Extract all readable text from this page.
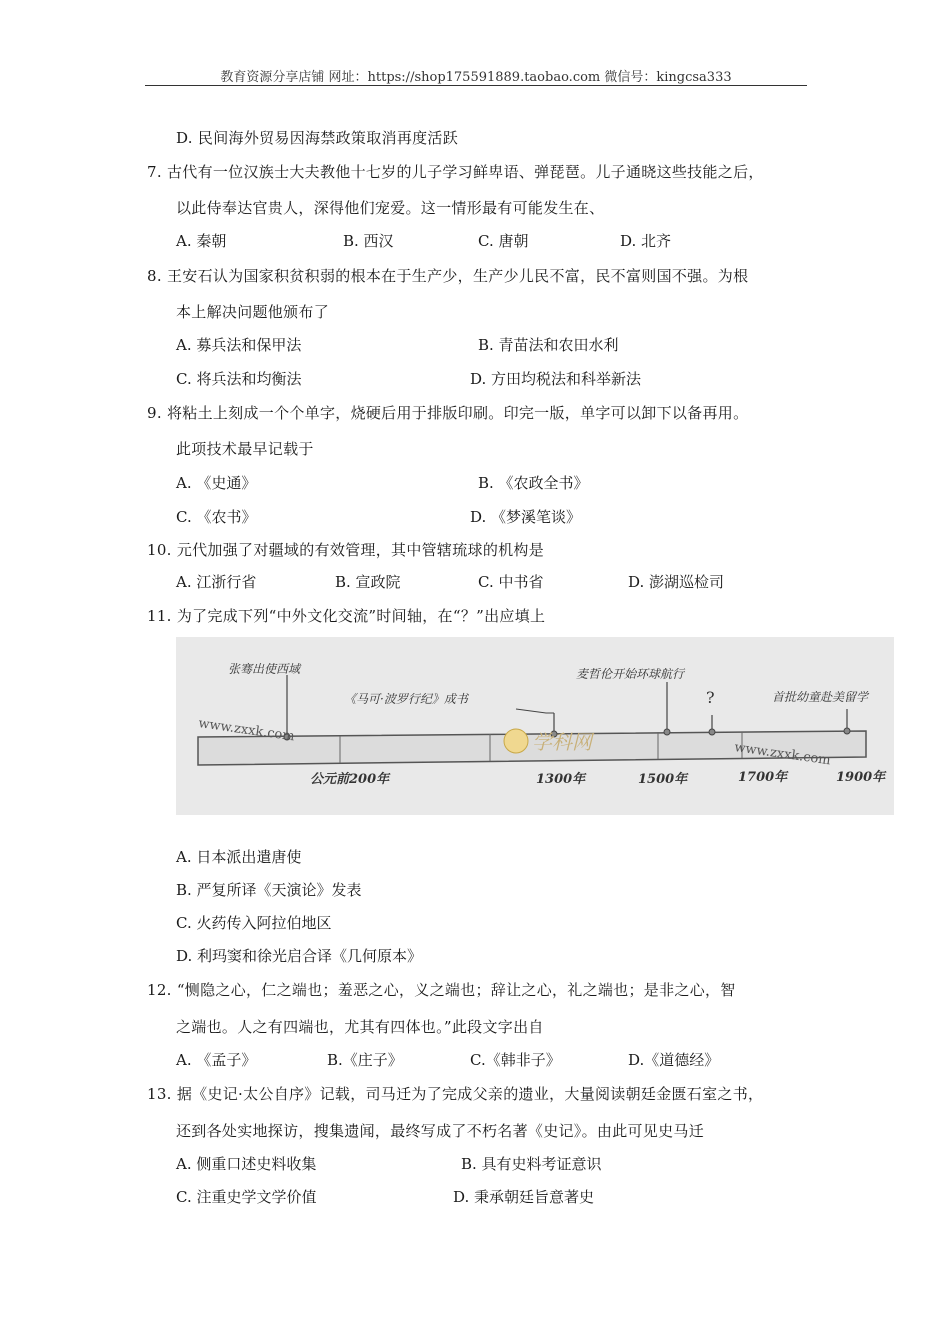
教育资源分享店铺 网址：https://shop175591889.taobao.com 微信号：kingcsa333
D. 民间海外贸易因海禁政策取消再度活跃
7. 古代有一位汉族士大夫教他十七岁的儿子学习鲜卑语、弹琵琶。儿子通晓这些技能之后，
以此侍奉达官贵人，深得他们宠爱。这一情形最有可能发生在、
A. 秦朝	B. 西汉	C. 唐朝	D. 北齐
8. 王安石认为国家积贫积弱的根本在于生产少，生产少儿民不富，民不富则国不强。为根
本上解决问题他颁布了
A. 募兵法和保甲法	B. 青苗法和农田水利
C. 将兵法和均衡法	D. 方田均税法和科举新法
9. 将粘土上刻成一个个单字，烧硬后用于排版印刷。印完一版，单字可以卸下以备再用。
此项技术最早记载于
A. 《史通》	B. 《农政全书》
C. 《农书》	D. 《梦溪笔谈》
10. 元代加强了对疆域的有效管理，其中管辖琉球的机构是
A. 江浙行省	B. 宣政院	C. 中书省	D. 澎湖巡检司
11. 为了完成下列“中外文化交流”时间轴，在“？”出应填上
张骞出使西域
《马可·波罗行纪》成书
麦哲伦开始环球航行
?	首批幼童赴美留学
公元前200年	1300年	1500年	1700年	1900年
www.zxxk.com	学科网	www.zxxk.com
A. 日本派出遣唐使
B. 严复所译《天演论》发表
C. 火药传入阿拉伯地区
D. 利玛窦和徐光启合译《几何原本》
12. “恻隐之心，仁之端也；羞恶之心，义之端也；辞让之心，礼之端也；是非之心，智
之端也。人之有四端也，尤其有四体也。”此段文字出自
A. 《孟子》	B.《庄子》	C.《韩非子》	D.《道德经》
13. 据《史记·太公自序》记载，司马迁为了完成父亲的遗业，大量阅读朝廷金匮石室之书，
还到各处实地探访，搜集遗闻，最终写成了不朽名著《史记》。由此可见史马迁
A. 侧重口述史料收集	B. 具有史料考证意识
C. 注重史学文学价值	D. 秉承朝廷旨意著史
